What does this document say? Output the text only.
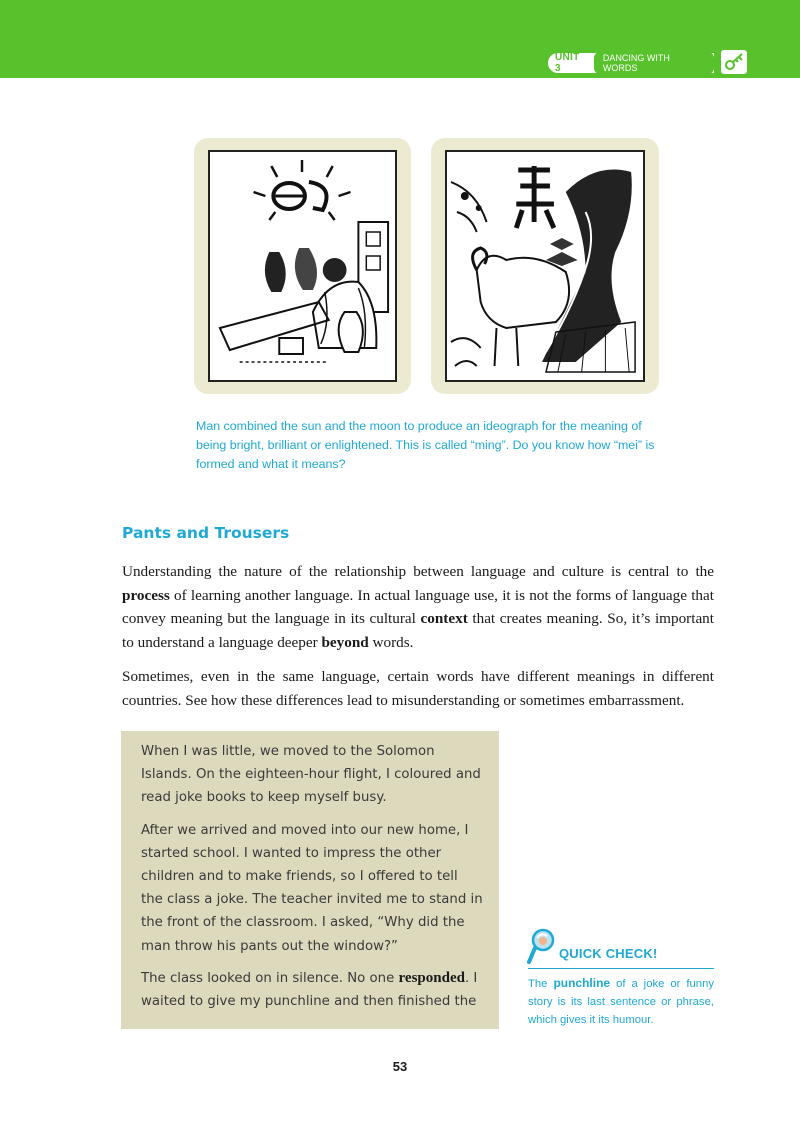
UNIT 3
DANCING WITH WORDS

Man combined the sun and the moon to produce an ideograph for the meaning of being bright, brilliant or enlightened. This is called “ming”. Do you know how “mei” is formed and what it means?

Pants and Trousers

Understanding the nature of the relationship between language and culture is central to the process of learning another language. In actual language use, it is not the forms of language that convey meaning but the language in its cultural context that creates meaning. So, it’s important to understand a language deeper beyond words.

Sometimes, even in the same language, certain words have different meanings in different countries. See how these differences lead to misunderstanding or sometimes embarrassment.

When I was little, we moved to the Solomon Islands. On the eighteen-hour flight, I coloured and read joke books to keep myself busy.

After we arrived and moved into our new home, I started school. I wanted to impress the other children and to make friends, so I offered to tell the class a joke. The teacher invited me to stand in the front of the classroom. I asked, “Why did the man throw his pants out the window?”

The class looked on in silence. No one responded. I waited to give my punchline and then finished the

QUICK CHECK!

The punchline of a joke or funny story is its last sentence or phrase, which gives it its humour.

53
